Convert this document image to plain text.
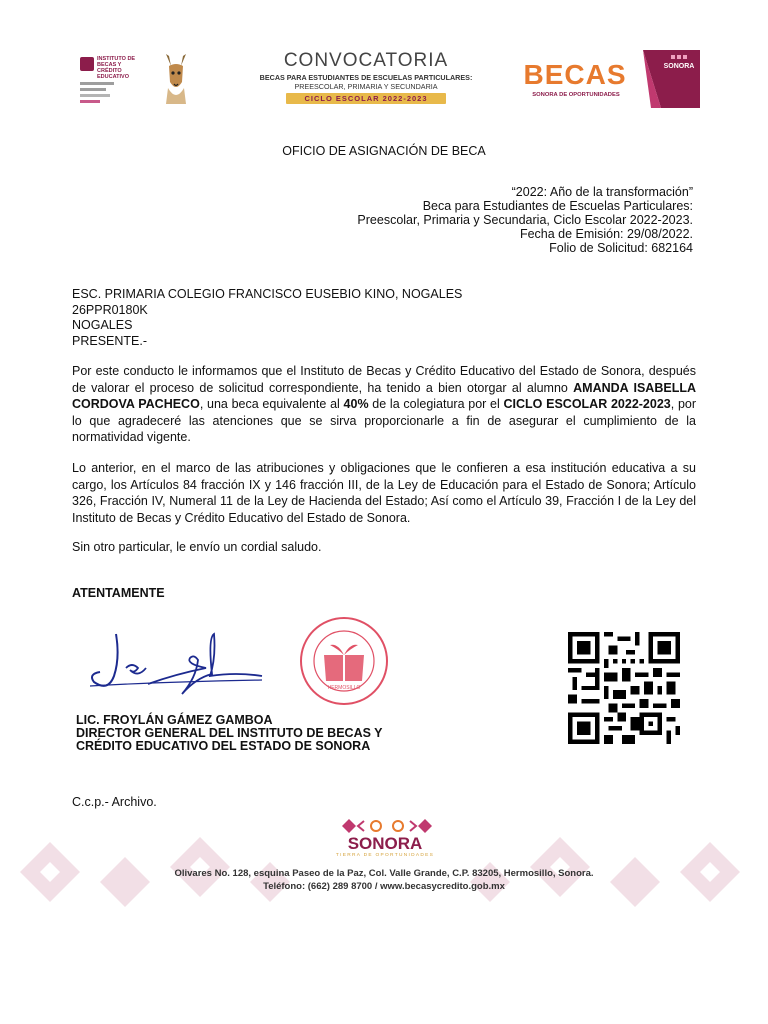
INSTITUTO DE BECAS Y CRÉDITO EDUCATIVO
CONVOCATORIA
BECAS PARA ESTUDIANTES DE ESCUELAS PARTICULARES:
PREESCOLAR, PRIMARIA Y SECUNDARIA
CICLO ESCOLAR 2022-2023
BECAS
SONORA DE OPORTUNIDADES
SONORA
OFICIO DE ASIGNACIÓN DE BECA
“2022: Año de la transformación”
Beca para Estudiantes de Escuelas Particulares:
Preescolar, Primaria y Secundaria, Ciclo Escolar 2022-2023.
Fecha de Emisión: 29/08/2022.
Folio de Solicitud: 682164
ESC. PRIMARIA COLEGIO FRANCISCO EUSEBIO KINO, NOGALES
26PPR0180K
NOGALES
PRESENTE.-
Por este conducto le informamos que el Instituto de Becas y Crédito Educativo del Estado de Sonora, después de valorar el proceso de solicitud correspondiente, ha tenido a bien otorgar al alumno AMANDA ISABELLA CORDOVA PACHECO, una beca equivalente al 40% de la colegiatura por el CICLO ESCOLAR 2022-2023, por lo que agradeceré las atenciones que se sirva proporcionarle a fin de asegurar el cumplimiento de la normatividad vigente.
Lo anterior, en el marco de las atribuciones y obligaciones que le confieren a esa institución educativa a su cargo, los Artículos 84 fracción IX y 146 fracción III, de la Ley de Educación para el Estado de Sonora; Artículo 326, Fracción IV, Numeral 11 de la Ley de Hacienda del Estado; Así como el Artículo 39, Fracción I de la Ley del Instituto de Becas y Crédito Educativo del Estado de Sonora.
Sin otro particular, le envío un cordial saludo.
ATENTAMENTE
HERMOSILLO
LIC. FROYLÁN GÁMEZ GAMBOA
DIRECTOR GENERAL DEL INSTITUTO DE BECAS Y
CRÉDITO EDUCATIVO DEL ESTADO DE SONORA
C.c.p.- Archivo.
SONORA
TIERRA DE OPORTUNIDADES
Olivares No. 128, esquina Paseo de la Paz, Col. Valle Grande, C.P. 83205, Hermosillo, Sonora.
Teléfono: (662) 289 8700 / www.becasycredito.gob.mx
